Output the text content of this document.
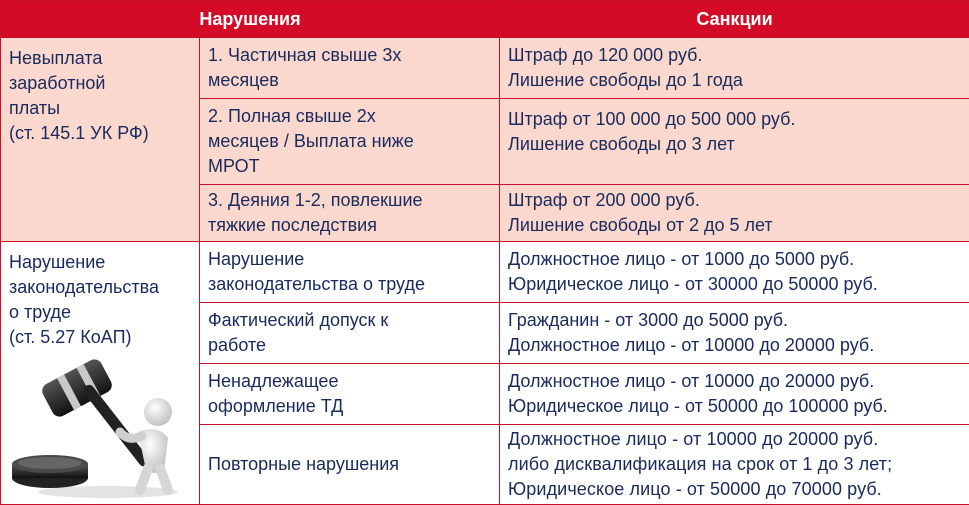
Нарушения		Санкции

Невыплата
заработной
платы
(ст. 145.1 УК РФ)	1. Частичная свыше 3х
месяцев	Штраф до 120 000 руб.
Лишение свободы до 1 года

	2. Полная свыше 2х
месяцев / Выплата ниже
МРОТ	Штраф от 100 000 до 500 000 руб.
Лишение свободы до 3 лет

	3. Деяния 1-2, повлекшие
тяжкие последствия	Штраф от 200 000 руб.
Лишение свободы от 2 до 5 лет

Нарушение
законодательства
о труде
(ст. 5.27 КоАП)	Нарушение
законодательства о труде	Должностное лицо - от 1000 до 5000 руб.
Юридическое лицо - от 30000 до 50000 руб.

	Фактический допуск к
работе	Гражданин - от 3000 до 5000 руб.
Должностное лицо - от 10000 до 20000 руб.

	Ненадлежащее
оформление ТД	Должностное лицо - от 10000 до 20000 руб.
Юридическое лицо - от 50000 до 100000 руб.

	Повторные нарушения	Должностное лицо - от 10000 до 20000 руб.
либо дисквалификация на срок от 1 до 3 лет;
Юридическое лицо - от 50000 до 70000 руб.
